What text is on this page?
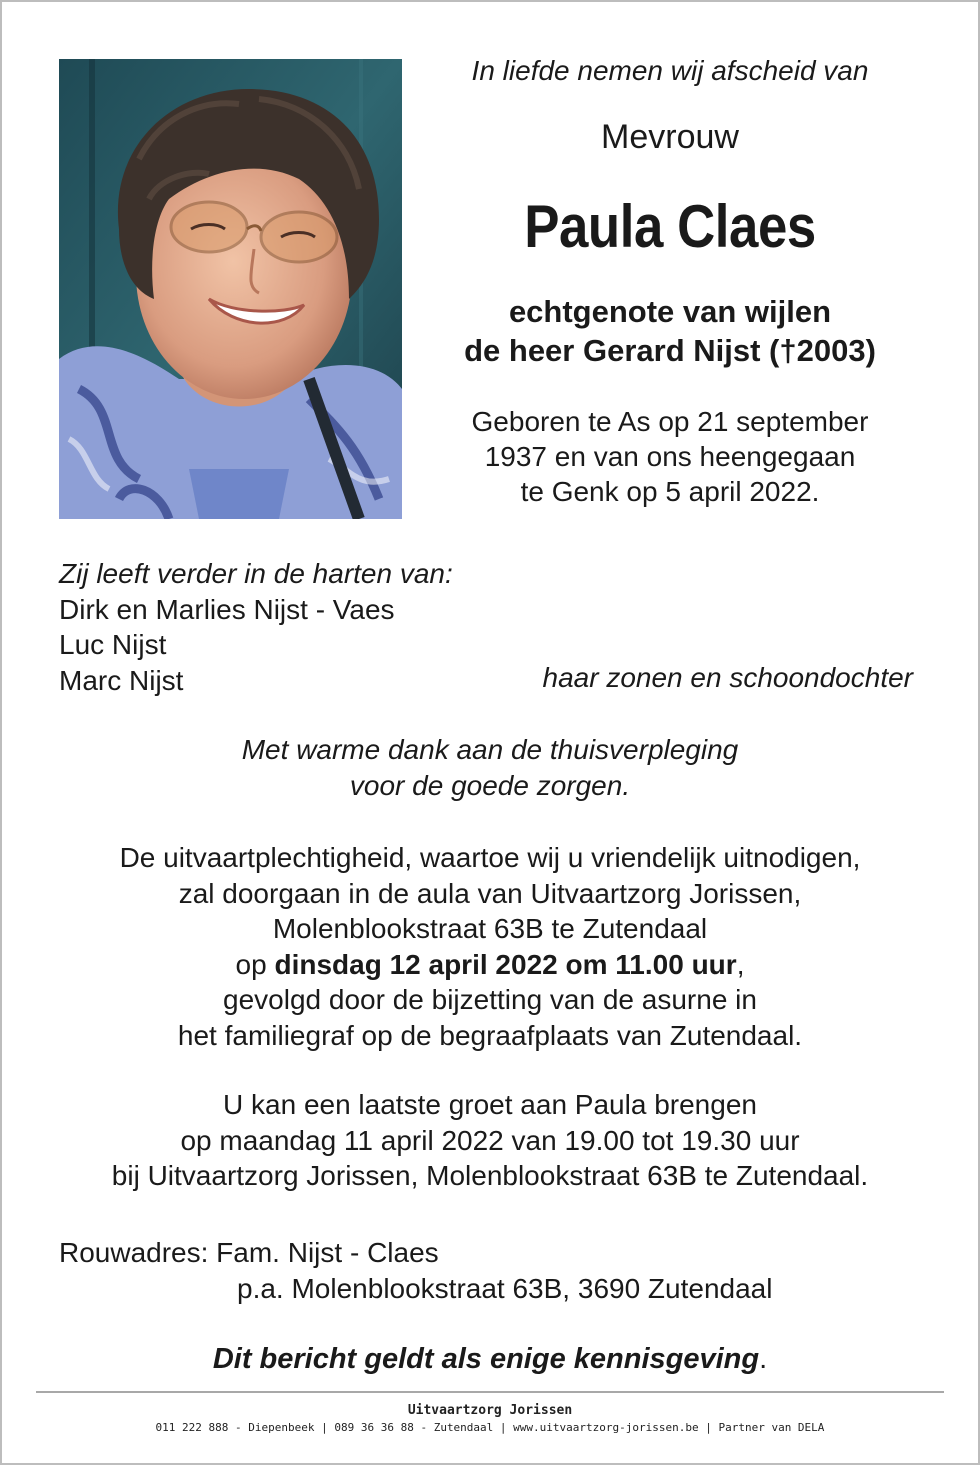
In liefde nemen wij afscheid van
Mevrouw
Paula Claes
echtgenote van wijlen
de heer Gerard Nijst (†2003)
Geboren te As op 21 september
1937 en van ons heengegaan
te Genk op 5 april 2022.
Zij leeft verder in de harten van:
Dirk en Marlies Nijst - Vaes
Luc Nijst
Marc Nijst	haar zonen en schoondochter
Met warme dank aan de thuisverpleging
voor de goede zorgen.
De uitvaartplechtigheid, waartoe wij u vriendelijk uitnodigen,
zal doorgaan in de aula van Uitvaartzorg Jorissen,
Molenblookstraat 63B te Zutendaal
op dinsdag 12 april 2022 om 11.00 uur,
gevolgd door de bijzetting van de asurne in
het familiegraf op de begraafplaats van Zutendaal.
U kan een laatste groet aan Paula brengen
op maandag 11 april 2022 van 19.00 tot 19.30 uur
bij Uitvaartzorg Jorissen, Molenblookstraat 63B te Zutendaal.
Rouwadres: Fam. Nijst - Claes
p.a. Molenblookstraat 63B, 3690 Zutendaal
Dit bericht geldt als enige kennisgeving.
Uitvaartzorg Jorissen
011 222 888 - Diepenbeek | 089 36 36 88 - Zutendaal | www.uitvaartzorg-jorissen.be | Partner van DELA
